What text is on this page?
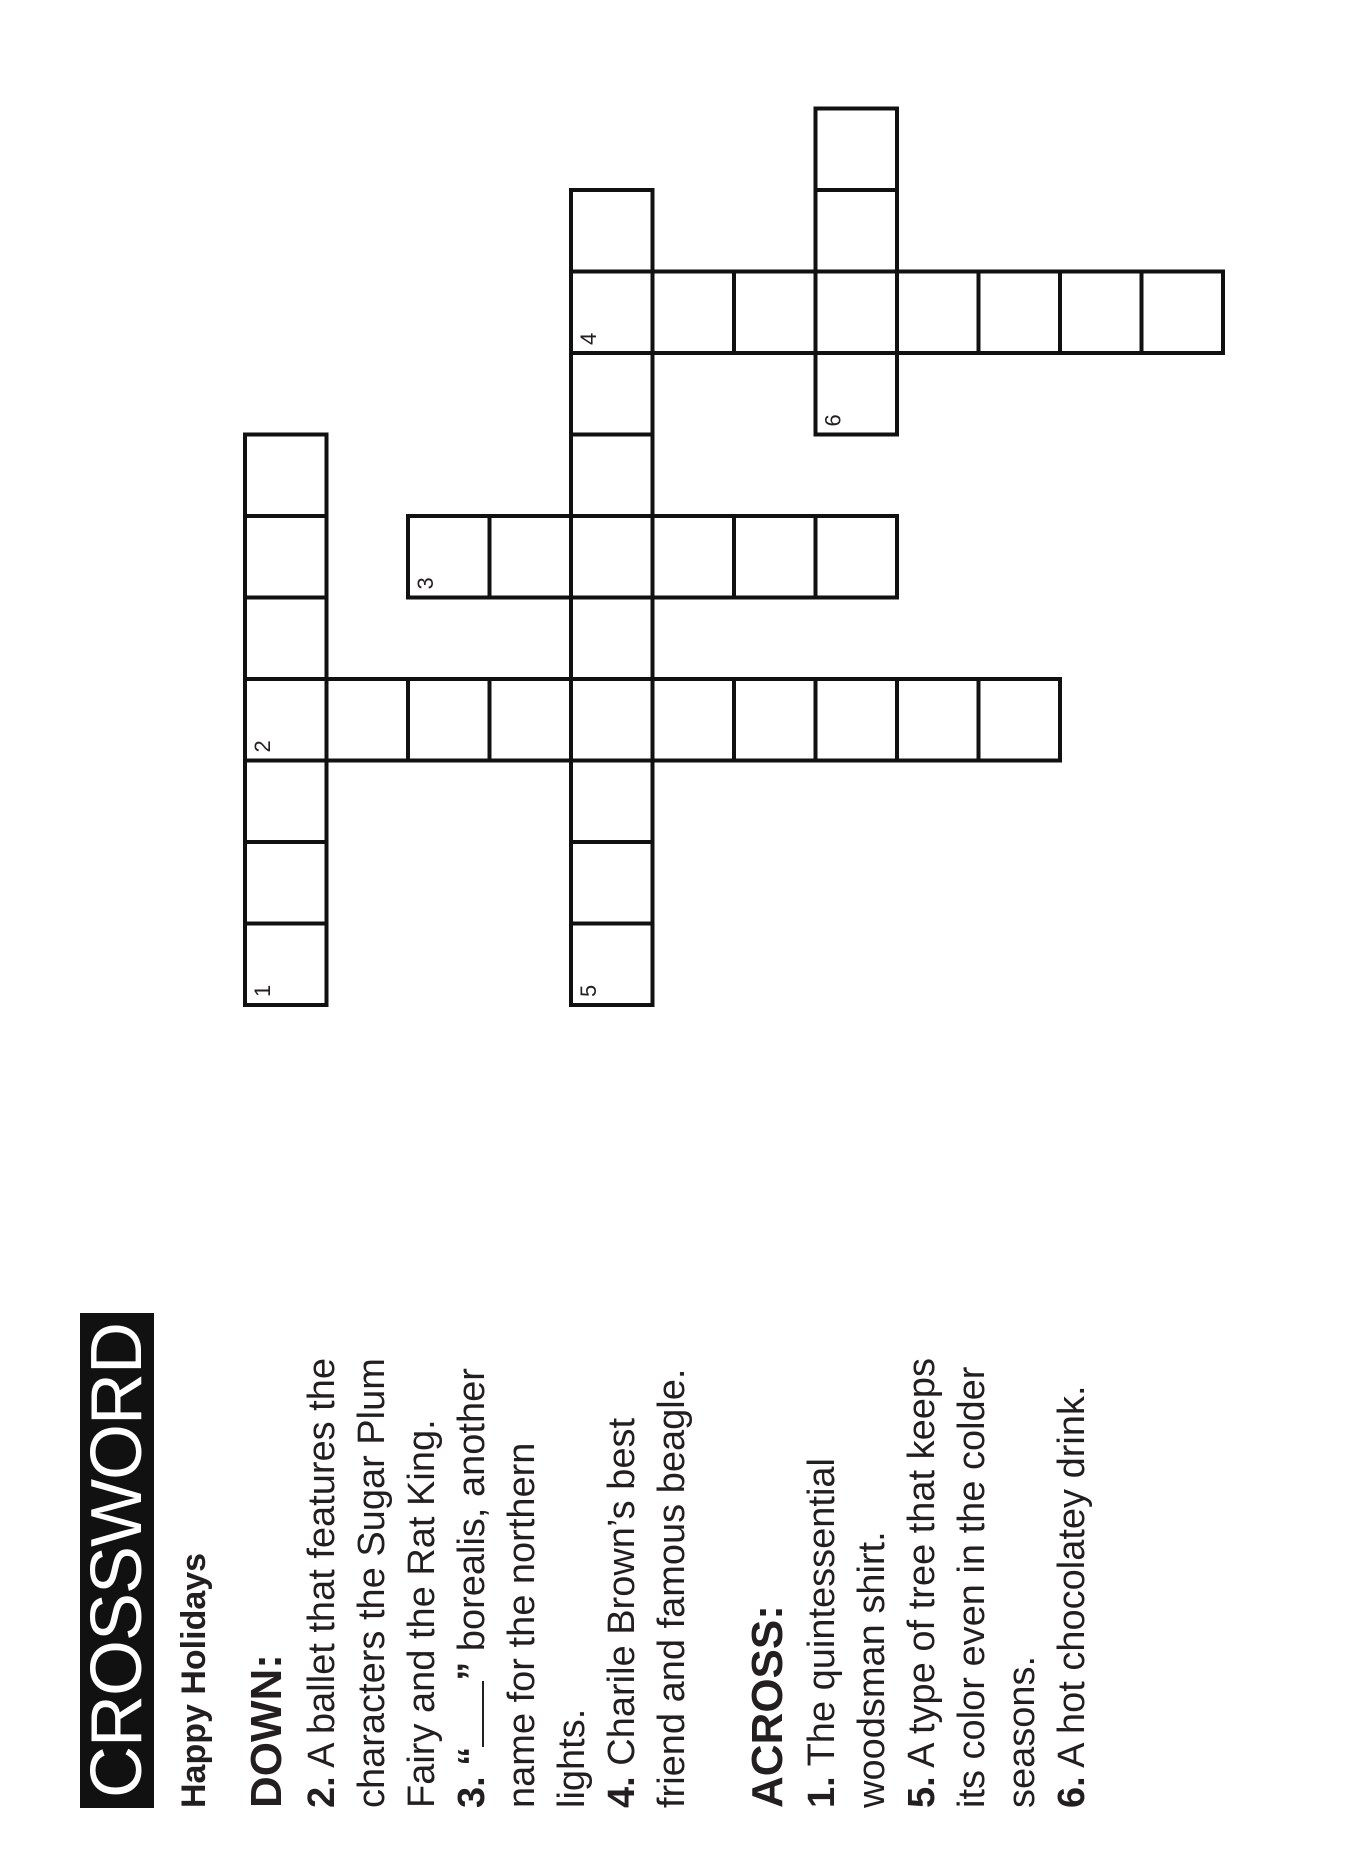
CROSSWORD Happy Holidays DOWN: 2. A ballet that features the characters the Sugar Plum Fairy and the Rat King. 3. “” borealis, another name for the northern lights. 4. Charile Brown’s best friend and famous beagle. ACROSS: 1. The quintessential woodsman shirt. 5. A type of tree that keeps its color even in the colder seasons. 6. A hot chocolatey drink.
1
2
3
4
5
6
